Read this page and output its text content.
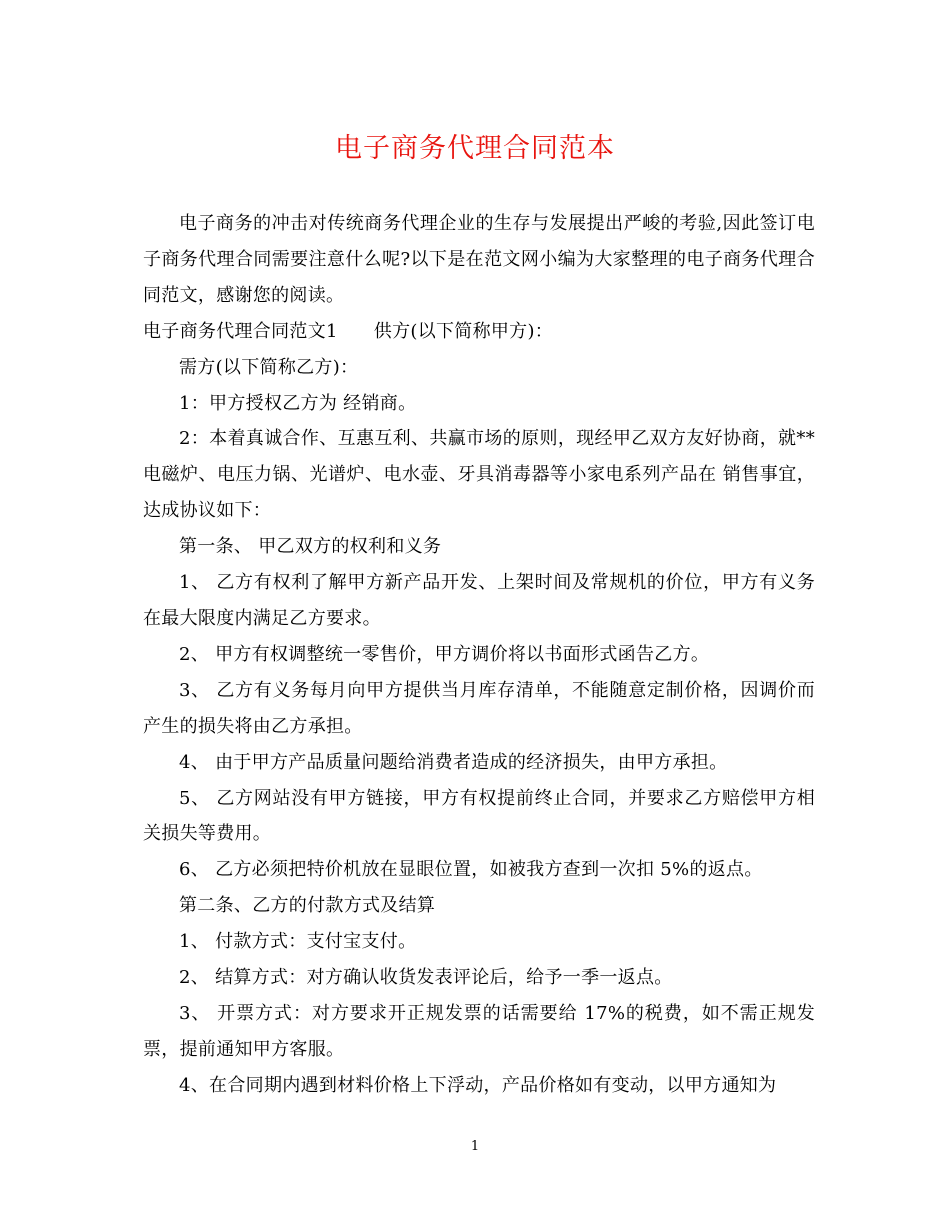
电子商务代理合同范本

电子商务的冲击对传统商务代理企业的生存与发展提出严峻的考验,因此签订电子商务代理合同需要注意什么呢?以下是在范文网小编为大家整理的电子商务代理合同范文，感谢您的阅读。

电子商务代理合同范文1 供方(以下简称甲方)：

需方(以下简称乙方)：

1：甲方授权乙方为 经销商。

2：本着真诚合作、互惠互利、共赢市场的原则，现经甲乙双方友好协商，就**电磁炉、电压力锅、光谱炉、电水壶、牙具消毒器等小家电系列产品在 销售事宜，达成协议如下：

第一条、 甲乙双方的权利和义务

1、 乙方有权利了解甲方新产品开发、上架时间及常规机的价位，甲方有义务在最大限度内满足乙方要求。

2、 甲方有权调整统一零售价，甲方调价将以书面形式函告乙方。

3、 乙方有义务每月向甲方提供当月库存清单，不能随意定制价格，因调价而产生的损失将由乙方承担。

4、 由于甲方产品质量问题给消费者造成的经济损失，由甲方承担。

5、 乙方网站没有甲方链接，甲方有权提前终止合同，并要求乙方赔偿甲方相关损失等费用。

6、 乙方必须把特价机放在显眼位置，如被我方查到一次扣 5%的返点。

第二条、乙方的付款方式及结算

1、 付款方式：支付宝支付。

2、 结算方式：对方确认收货发表评论后，给予一季一返点。

3、 开票方式：对方要求开正规发票的话需要给 17%的税费，如不需正规发票，提前通知甲方客服。

4、在合同期内遇到材料价格上下浮动，产品价格如有变动，以甲方通知为

1
